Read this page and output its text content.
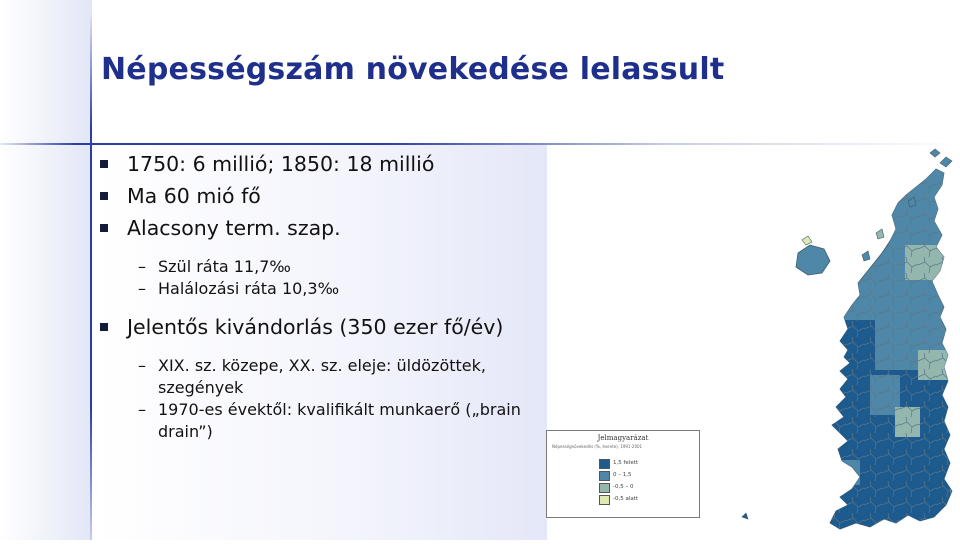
Népességszám növekedése lelassult
1750: 6 millió; 1850: 18 millió
Ma 60 mió fő
Alacsony term. szap.
– Szül ráta 11,7‰
– Halálozási ráta 10,3‰
Jelentős kivándorlás (350 ezer fő/év)
– XIX. sz. közepe, XX. sz. eleje: üldözöttek, szegények
– 1970-es évektől: kvalifikált munkaerő („brain drain”)	Jelmagyarázat
Népességnövekedés (%, évente), 1991-2001
1,5 felett
0 – 1,5
-0,5 – 0
-0,5 alatt
